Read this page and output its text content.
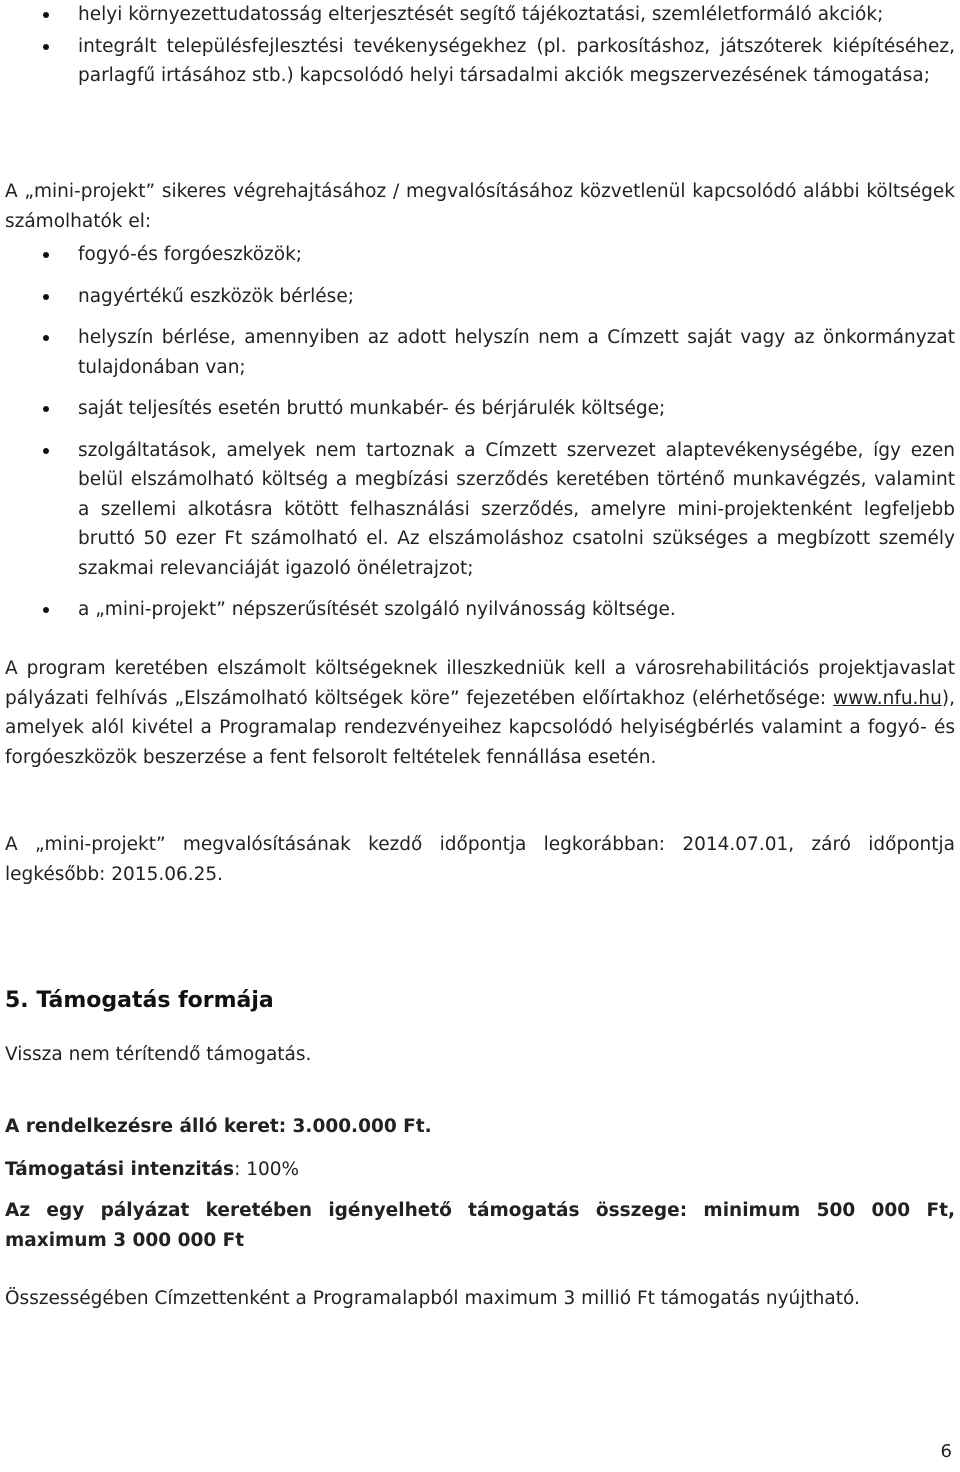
helyi környezettudatosság elterjesztését segítő tájékoztatási, szemléletformáló akciók;
integrált településfejlesztési tevékenységekhez (pl. parkosításhoz, játszóterek kiépítéséhez, parlagfű irtásához stb.) kapcsolódó helyi társadalmi akciók megszervezésének támogatása;

A „mini-projekt” sikeres végrehajtásához / megvalósításához közvetlenül kapcsolódó alábbi költségek számolhatók el:

fogyó-és forgóeszközök;
nagyértékű eszközök bérlése;
helyszín bérlése, amennyiben az adott helyszín nem a Címzett saját vagy az önkormányzat tulajdonában van;
saját teljesítés esetén bruttó munkabér- és bérjárulék költsége;
szolgáltatások, amelyek nem tartoznak a Címzett szervezet alaptevékenységébe, így ezen belül elszámolható költség a megbízási szerződés keretében történő munkavégzés, valamint a szellemi alkotásra kötött felhasználási szerződés, amelyre mini-projektenként legfeljebb bruttó 50 ezer Ft számolható el. Az elszámoláshoz csatolni szükséges a megbízott személy szakmai relevanciáját igazoló önéletrajzot;
a „mini-projekt” népszerűsítését szolgáló nyilvánosság költsége.

A program keretében elszámolt költségeknek illeszkedniük kell a városrehabilitációs projektjavaslat pályázati felhívás „Elszámolható költségek köre” fejezetében előírtakhoz (elérhetősége: www.nfu.hu), amelyek alól kivétel a Programalap rendezvényeihez kapcsolódó helyiségbérlés valamint a fogyó- és forgóeszközök beszerzése a fent felsorolt feltételek fennállása esetén.

A „mini-projekt” megvalósításának kezdő időpontja legkorábban: 2014.07.01, záró időpontja legkésőbb: 2015.06.25.

5. Támogatás formája

Vissza nem térítendő támogatás.

A rendelkezésre álló keret: 3.000.000 Ft.

Támogatási intenzitás: 100%

Az egy pályázat keretében igényelhető támogatás összege: minimum 500 000 Ft, maximum 3 000 000 Ft

Összességében Címzettenként a Programalapból maximum 3 millió Ft támogatás nyújtható.

6
